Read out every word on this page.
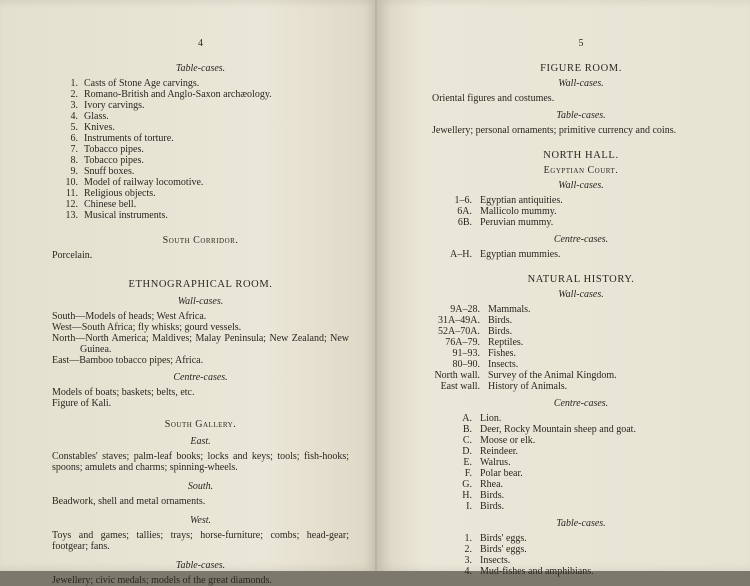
4
Table-cases.
1. Casts of Stone Age carvings.
2. Romano-British and Anglo-Saxon archæology.
3. Ivory carvings.
4. Glass.
5. Knives.
6. Instruments of torture.
7. Tobacco pipes.
8. Tobacco pipes.
9. Snuff boxes.
10. Model of railway locomotive.
11. Religious objects.
12. Chinese bell.
13. Musical instruments.
South Corridor.
Porcelain.
ETHNOGRAPHICAL ROOM.
Wall-cases.
South—Models of heads; West Africa.
West—South Africa; fly whisks; gourd vessels.
North—North America; Maldives; Malay Peninsula; New Zealand; New Guinea.
East—Bamboo tobacco pipes; Africa.
Centre-cases.
Models of boats; baskets; belts, etc.
Figure of Kali.
South Gallery.
East.
Constables' staves; palm-leaf books; locks and keys; tools; fish-hooks; spoons; amulets and charms; spinning-wheels.
South.
Beadwork, shell and metal ornaments.
West.
Toys and games; tallies; trays; horse-furniture; combs; head-gear; footgear; fans.
Table-cases.
Jewellery; civic medals; models of the great diamonds.
5
FIGURE ROOM.
Wall-cases.
Oriental figures and costumes.
Table-cases.
Jewellery; personal ornaments; primitive currency and coins.
NORTH HALL.
Egyptian Court.
Wall-cases.
1–6. Egyptian antiquities.
6A. Mallicolo mummy.
6B. Peruvian mummy.
Centre-cases.
A–H. Egyptian mummies.
NATURAL HISTORY.
Wall-cases.
9A–28. Mammals.
31A–49A. Birds.
52A–70A. Birds.
76A–79. Reptiles.
91–93. Fishes.
80–90. Insects.
North wall. Survey of the Animal Kingdom.
East wall. History of Animals.
Centre-cases.
A. Lion.
B. Deer, Rocky Mountain sheep and goat.
C. Moose or elk.
D. Reindeer.
E. Walrus.
F. Polar bear.
G. Rhea.
H. Birds.
I. Birds.
Table-cases.
1. Birds' eggs.
2. Birds' eggs.
3. Insects.
4. Mud-fishes and amphibians.
